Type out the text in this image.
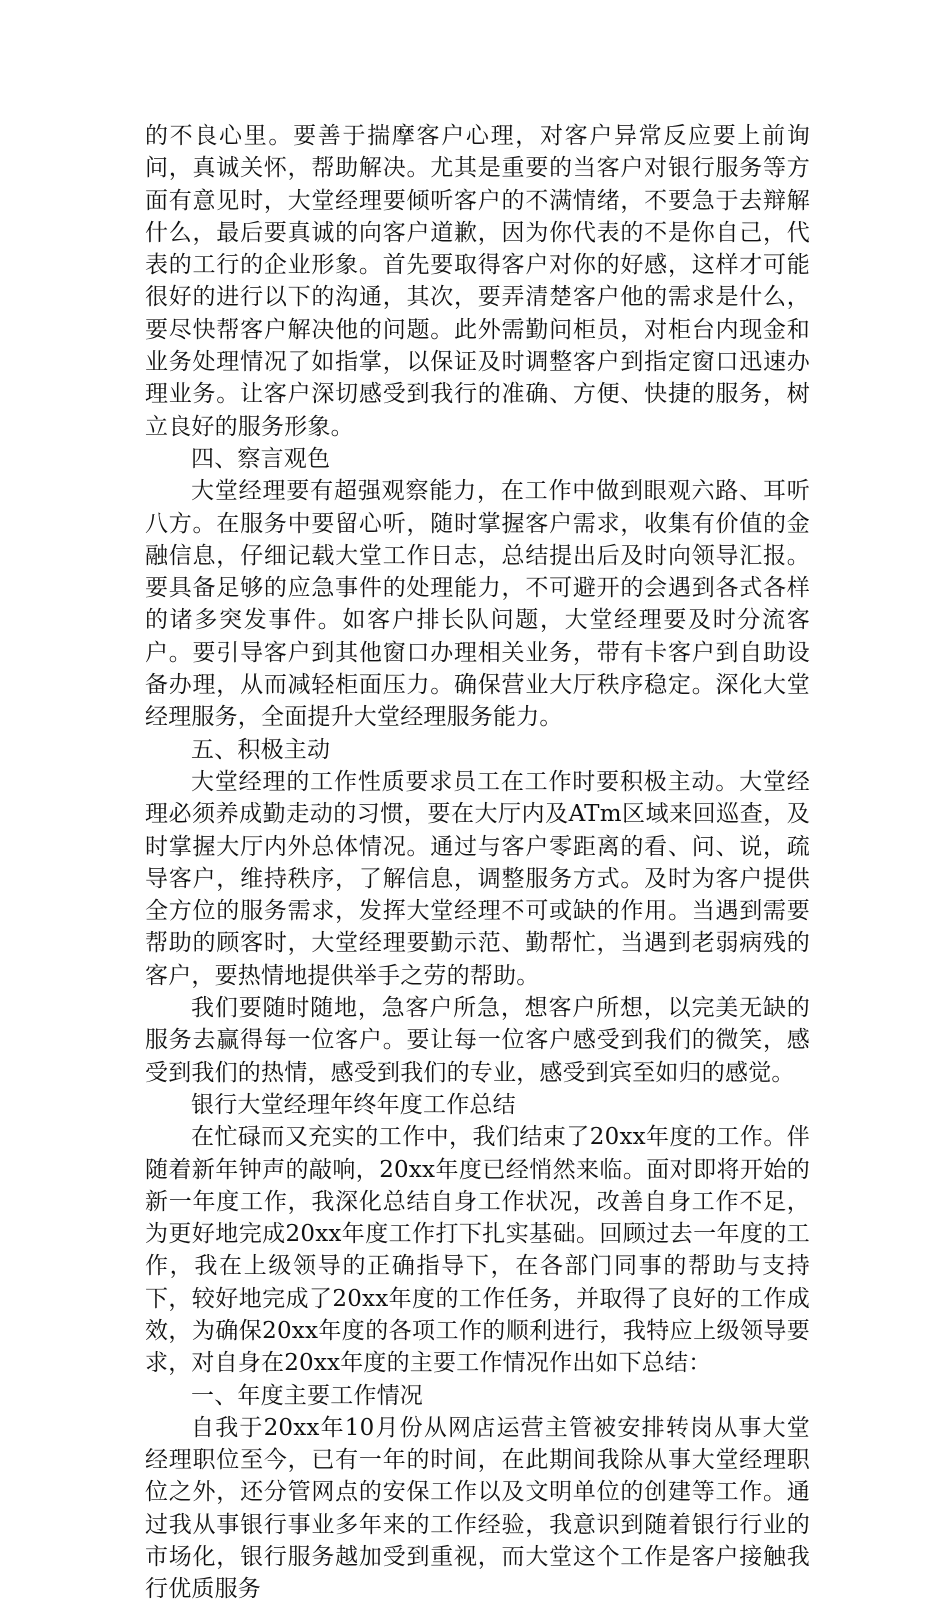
的不良心里。要善于揣摩客户心理，对客户异常反应要上前询问，真诚关怀，帮助解决。尤其是重要的当客户对银行服务等方面有意见时，大堂经理要倾听客户的不满情绪，不要急于去辩解什么，最后要真诚的向客户道歉，因为你代表的不是你自己，代表的工行的企业形象。首先要取得客户对你的好感，这样才可能很好的进行以下的沟通，其次，要弄清楚客户他的需求是什么，要尽快帮客户解决他的问题。此外需勤问柜员，对柜台内现金和业务处理情况了如指掌，以保证及时调整客户到指定窗口迅速办理业务。让客户深切感受到我行的准确、方便、快捷的服务，树立良好的服务形象。

四、察言观色

大堂经理要有超强观察能力，在工作中做到眼观六路、耳听八方。在服务中要留心听，随时掌握客户需求，收集有价值的金融信息，仔细记载大堂工作日志，总结提出后及时向领导汇报。要具备足够的应急事件的处理能力，不可避开的会遇到各式各样的诸多突发事件。如客户排长队问题，大堂经理要及时分流客户。要引导客户到其他窗口办理相关业务，带有卡客户到自助设备办理，从而减轻柜面压力。确保营业大厅秩序稳定。深化大堂经理服务，全面提升大堂经理服务能力。

五、积极主动

大堂经理的工作性质要求员工在工作时要积极主动。大堂经理必须养成勤走动的习惯，要在大厅内及ATm区域来回巡查，及时掌握大厅内外总体情况。通过与客户零距离的看、问、说，疏导客户，维持秩序，了解信息，调整服务方式。及时为客户提供全方位的服务需求，发挥大堂经理不可或缺的作用。当遇到需要帮助的顾客时，大堂经理要勤示范、勤帮忙，当遇到老弱病残的客户，要热情地提供举手之劳的帮助。

我们要随时随地，急客户所急，想客户所想，以完美无缺的服务去赢得每一位客户。要让每一位客户感受到我们的微笑，感受到我们的热情，感受到我们的专业，感受到宾至如归的感觉。

银行大堂经理年终年度工作总结

在忙碌而又充实的工作中，我们结束了20xx年度的工作。伴随着新年钟声的敲响，20xx年度已经悄然来临。面对即将开始的新一年度工作，我深化总结自身工作状况，改善自身工作不足，为更好地完成20xx年度工作打下扎实基础。回顾过去一年度的工作，我在上级领导的正确指导下，在各部门同事的帮助与支持下，较好地完成了20xx年度的工作任务，并取得了良好的工作成效，为确保20xx年度的各项工作的顺利进行，我特应上级领导要求，对自身在20xx年度的主要工作情况作出如下总结：

一、年度主要工作情况

自我于20xx年10月份从网店运营主管被安排转岗从事大堂经理职位至今，已有一年的时间，在此期间我除从事大堂经理职位之外，还分管网点的安保工作以及文明单位的创建等工作。通过我从事银行事业多年来的工作经验，我意识到随着银行行业的市场化，银行服务越加受到重视，而大堂这个工作是客户接触我行优质服务
